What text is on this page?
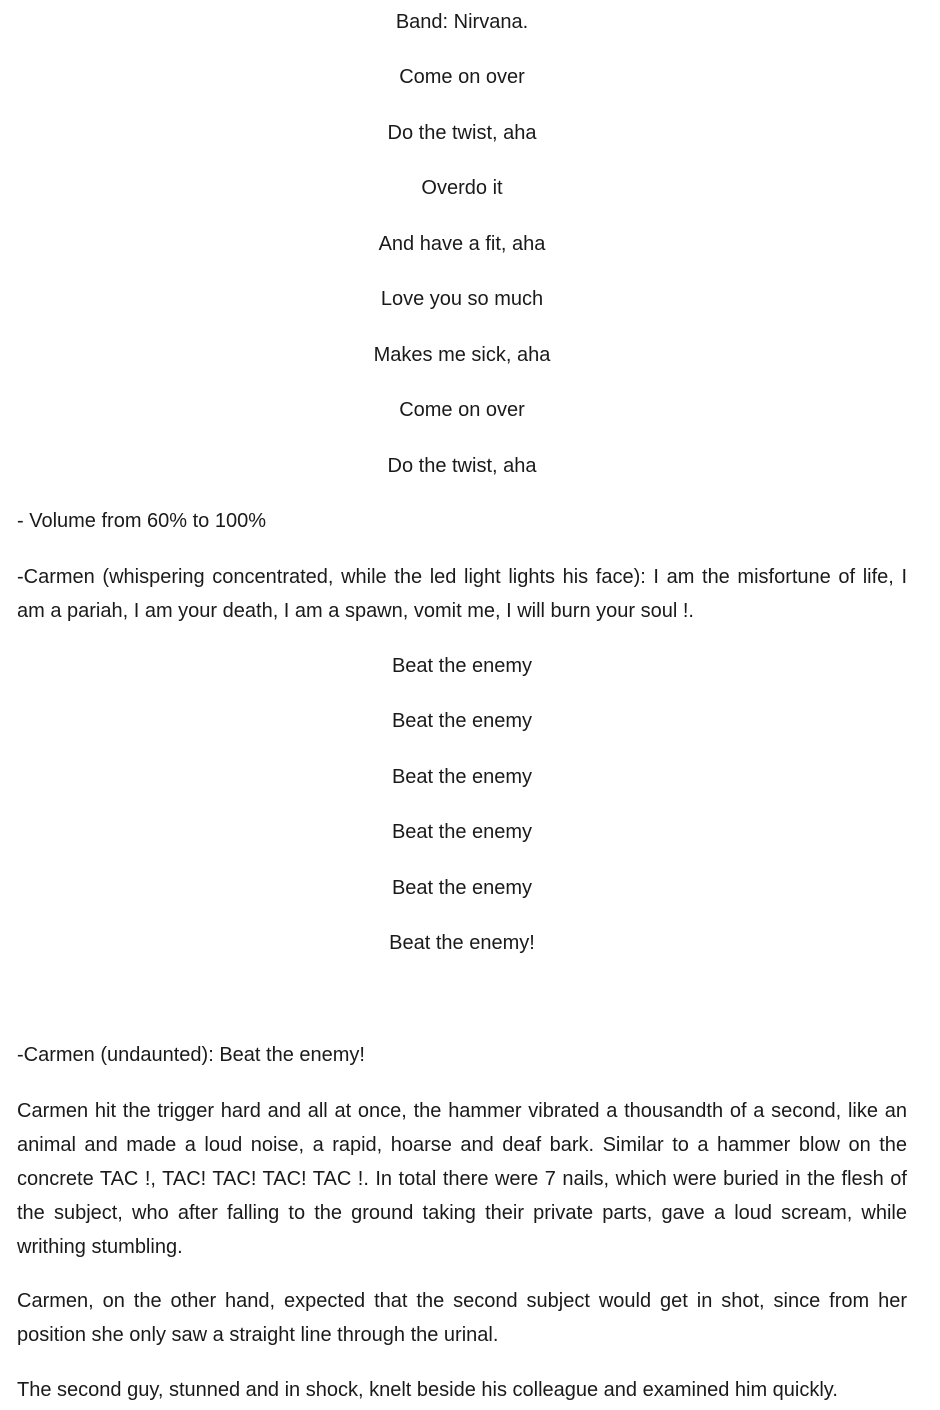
Band: Nirvana.
Come on over
Do the twist, aha
Overdo it
And have a fit, aha
Love you so much
Makes me sick, aha
Come on over
Do the twist, aha
- Volume from 60% to 100%
-Carmen (whispering concentrated, while the led light lights his face): I am the misfortune of life, I am a pariah, I am your death, I am a spawn, vomit me, I will burn your soul !.
Beat the enemy
Beat the enemy
Beat the enemy
Beat the enemy
Beat the enemy
Beat the enemy!
-Carmen (undaunted): Beat the enemy!
Carmen hit the trigger hard and all at once, the hammer vibrated a thousandth of a second, like an animal and made a loud noise, a rapid, hoarse and deaf bark. Similar to a hammer blow on the concrete TAC !, TAC! TAC! TAC! TAC !. In total there were 7 nails, which were buried in the flesh of the subject, who after falling to the ground taking their private parts, gave a loud scream, while writhing stumbling.
Carmen, on the other hand, expected that the second subject would get in shot, since from her position she only saw a straight line through the urinal.
The second guy, stunned and in shock, knelt beside his colleague and examined him quickly.
